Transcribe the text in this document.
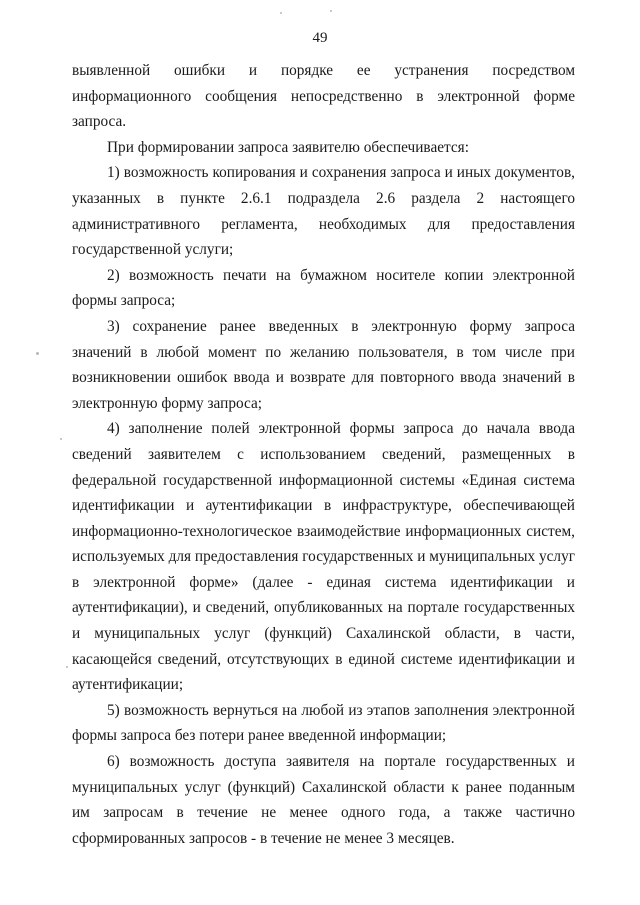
49

выявленной ошибки и порядке ее устранения посредством информационного сообщения непосредственно в электронной форме запроса.

При формировании запроса заявителю обеспечивается:

1) возможность копирования и сохранения запроса и иных документов, указанных в пункте 2.6.1 подраздела 2.6 раздела 2 настоящего административного регламента, необходимых для предоставления государственной услуги;

2) возможность печати на бумажном носителе копии электронной формы запроса;

3) сохранение ранее введенных в электронную форму запроса значений в любой момент по желанию пользователя, в том числе при возникновении ошибок ввода и возврате для повторного ввода значений в электронную форму запроса;

4) заполнение полей электронной формы запроса до начала ввода сведений заявителем с использованием сведений, размещенных в федеральной государственной информационной системы «Единая система идентификации и аутентификации в инфраструктуре, обеспечивающей информационно-технологическое взаимодействие информационных систем, используемых для предоставления государственных и муниципальных услуг в электронной форме» (далее - единая система идентификации и аутентификации), и сведений, опубликованных на портале государственных и муниципальных услуг (функций) Сахалинской области, в части, касающейся сведений, отсутствующих в единой системе идентификации и аутентификации;

5) возможность вернуться на любой из этапов заполнения электронной формы запроса без потери ранее введенной информации;

6) возможность доступа заявителя на портале государственных и муниципальных услуг (функций) Сахалинской области к ранее поданным им запросам в течение не менее одного года, а также частично сформированных запросов - в течение не менее 3 месяцев.
